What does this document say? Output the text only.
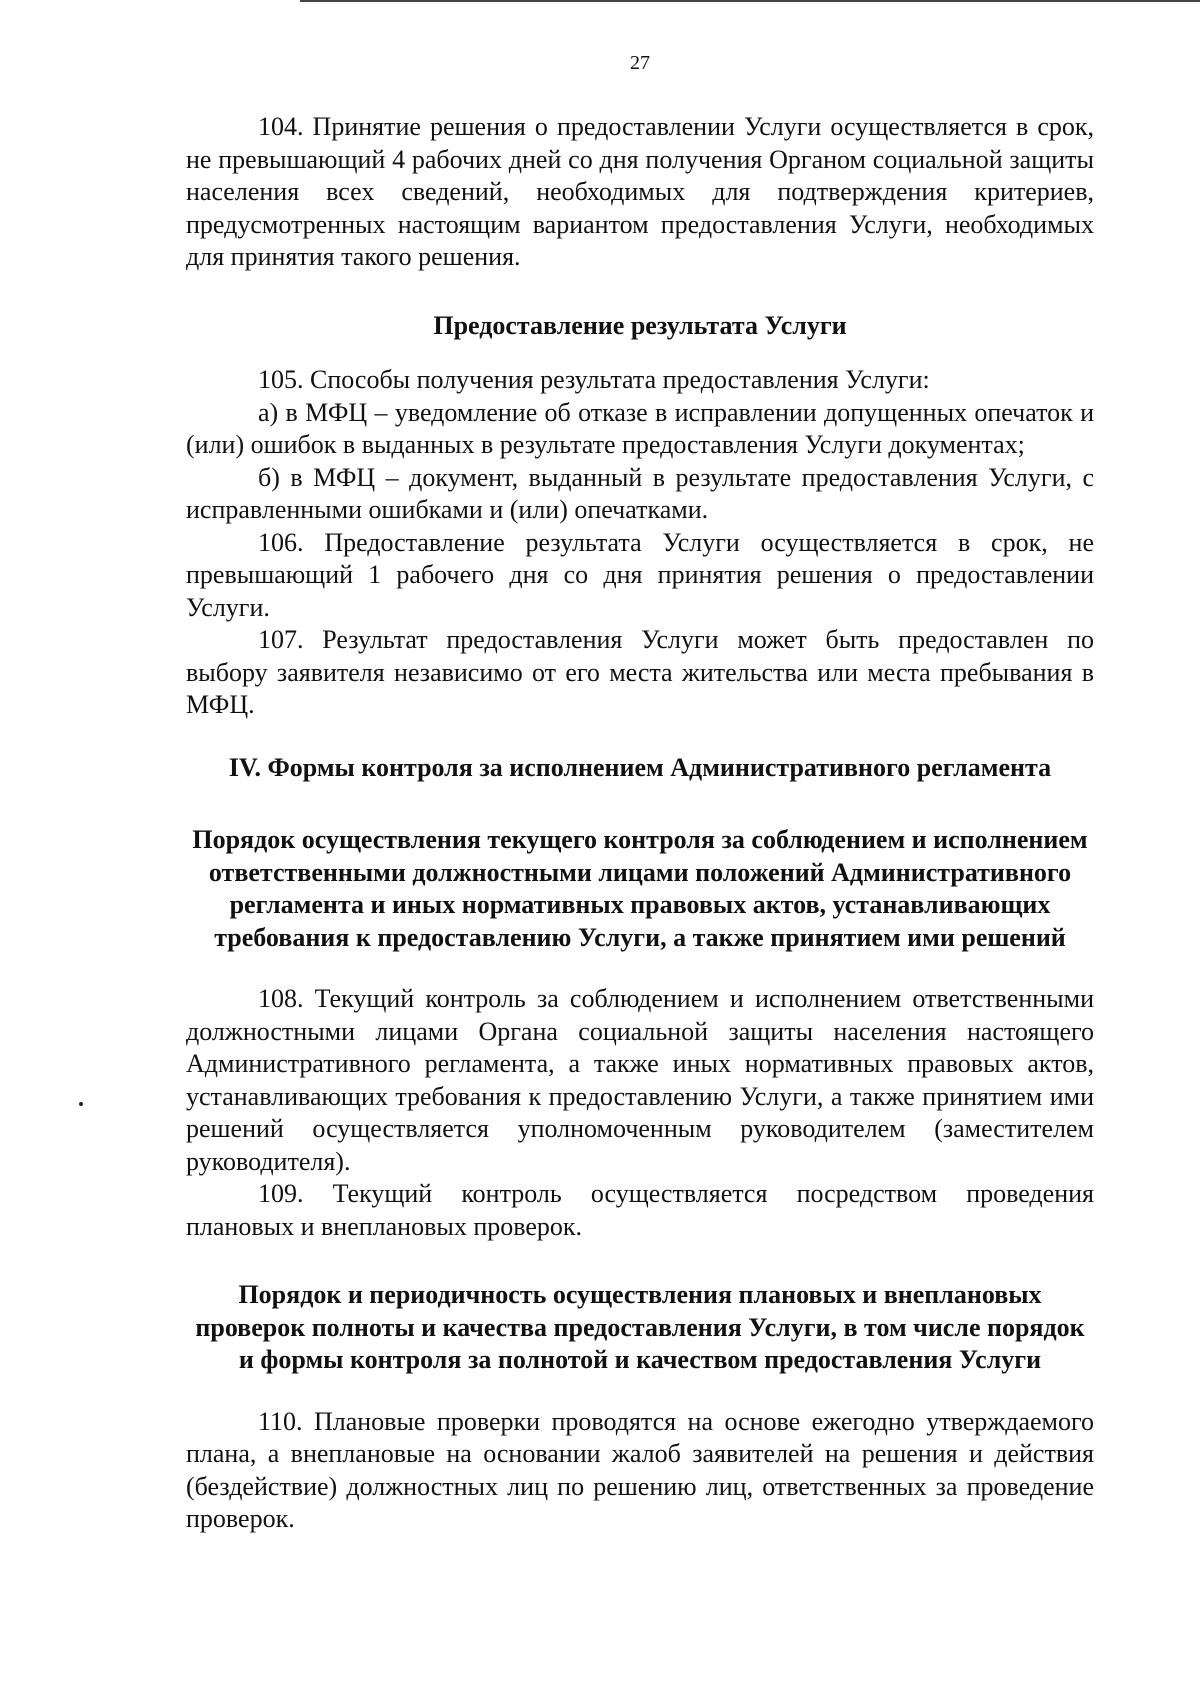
27

104. Принятие решения о предоставлении Услуги осуществляется в срок, не превышающий 4 рабочих дней со дня получения Органом социальной защиты населения всех сведений, необходимых для подтверждения критериев, предусмотренных настоящим вариантом предоставления Услуги, необходимых для принятия такого решения.

Предоставление результата Услуги

105. Способы получения результата предоставления Услуги:

а) в МФЦ – уведомление об отказе в исправлении допущенных опечаток и (или) ошибок в выданных в результате предоставления Услуги документах;

б) в МФЦ – документ, выданный в результате предоставления Услуги, с исправленными ошибками и (или) опечатками.

106. Предоставление результата Услуги осуществляется в срок, не превышающий 1 рабочего дня со дня принятия решения о предоставлении Услуги.

107. Результат предоставления Услуги может быть предоставлен по выбору заявителя независимо от его места жительства или места пребывания в МФЦ.

IV. Формы контроля за исполнением Административного регламента
Порядок осуществления текущего контроля за соблюдением и исполнением ответственными должностными лицами положений Административного регламента и иных нормативных правовых актов, устанавливающих требования к предоставлению Услуги, а также принятием ими решений

108. Текущий контроль за соблюдением и исполнением ответственными должностными лицами Органа социальной защиты населения настоящего Административного регламента, а также иных нормативных правовых актов, устанавливающих требования к предоставлению Услуги, а также принятием ими решений осуществляется уполномоченным руководителем (заместителем руководителя).

109. Текущий контроль осуществляется посредством проведения плановых и внеплановых проверок.

Порядок и периодичность осуществления плановых и внеплановых проверок полноты и качества предоставления Услуги, в том числе порядок и формы контроля за полнотой и качеством предоставления Услуги

110. Плановые проверки проводятся на основе ежегодно утверждаемого плана, а внеплановые на основании жалоб заявителей на решения и действия (бездействие) должностных лиц по решению лиц, ответственных за проведение проверок.
